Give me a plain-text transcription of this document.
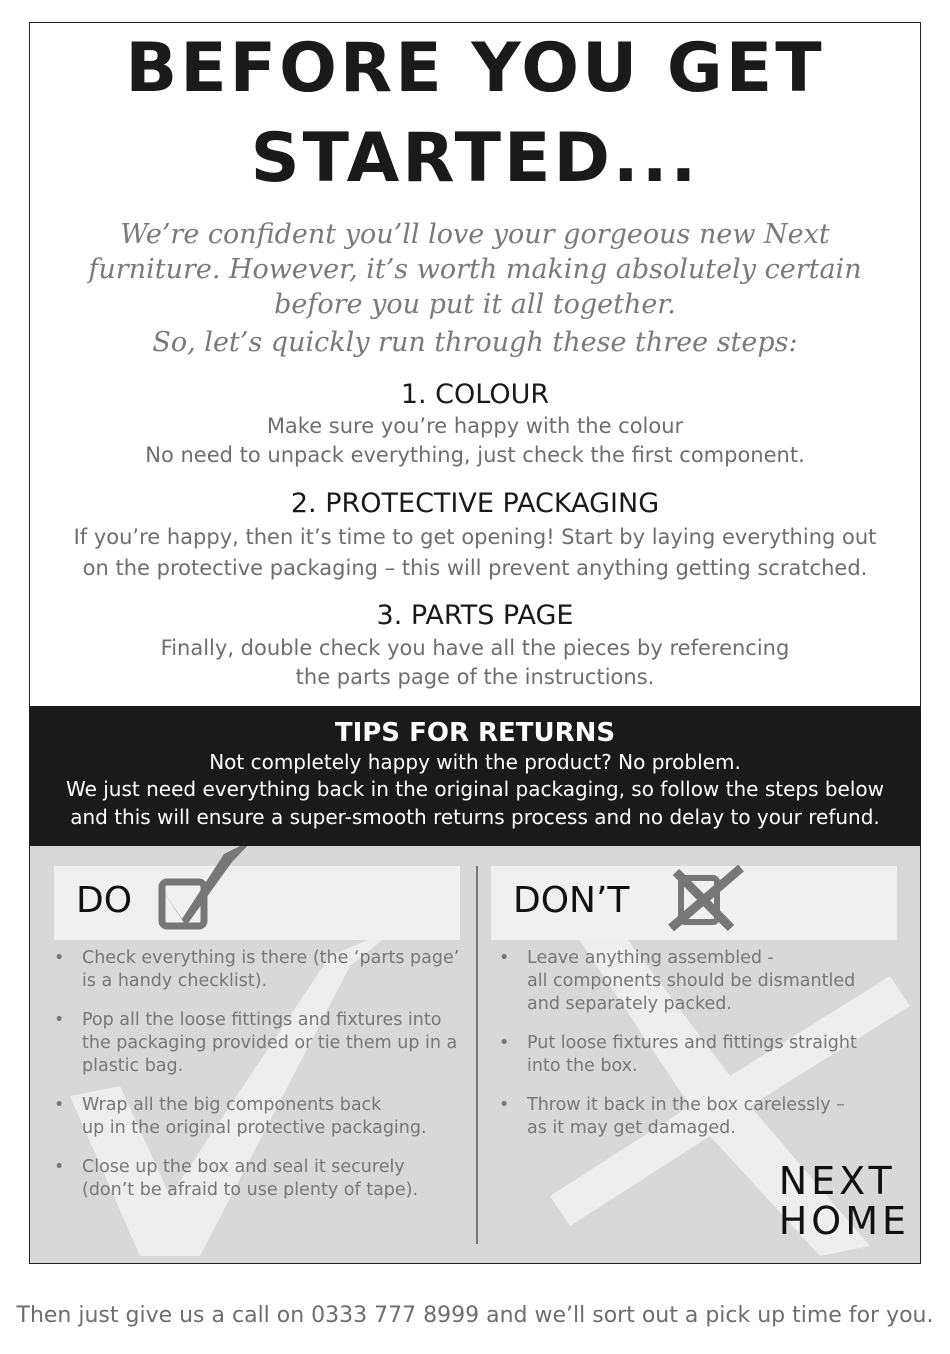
BEFORE YOU GET
STARTED...
We’re confident you’ll love your gorgeous new Next
furniture. However, it’s worth making absolutely certain
before you put it all together.
So, let’s quickly run through these three steps:
1. COLOUR
Make sure you’re happy with the colour
No need to unpack everything, just check the first component.
2. PROTECTIVE PACKAGING
If you’re happy, then it’s time to get opening! Start by laying everything out
on the protective packaging – this will prevent anything getting scratched.
3. PARTS PAGE
Finally, double check you have all the pieces by referencing
the parts page of the instructions.
TIPS FOR RETURNS
Not completely happy with the product? No problem.
We just need everything back in the original packaging, so follow the steps below
and this will ensure a super-smooth returns process and no delay to your refund.
DO	DON’T
• Check everything is there (the ‘parts page’
is a handy checklist).
• Pop all the loose fittings and fixtures into
the packaging provided or tie them up in a
plastic bag.
• Wrap all the big components back
up in the original protective packaging.
• Close up the box and seal it securely
(don’t be afraid to use plenty of tape).
• Leave anything assembled -
all components should be dismantled
and separately packed.
• Put loose fixtures and fittings straight
into the box.
• Throw it back in the box carelessly –
as it may get damaged.
NEXT
HOME
Then just give us a call on 0333 777 8999 and we’ll sort out a pick up time for you.
